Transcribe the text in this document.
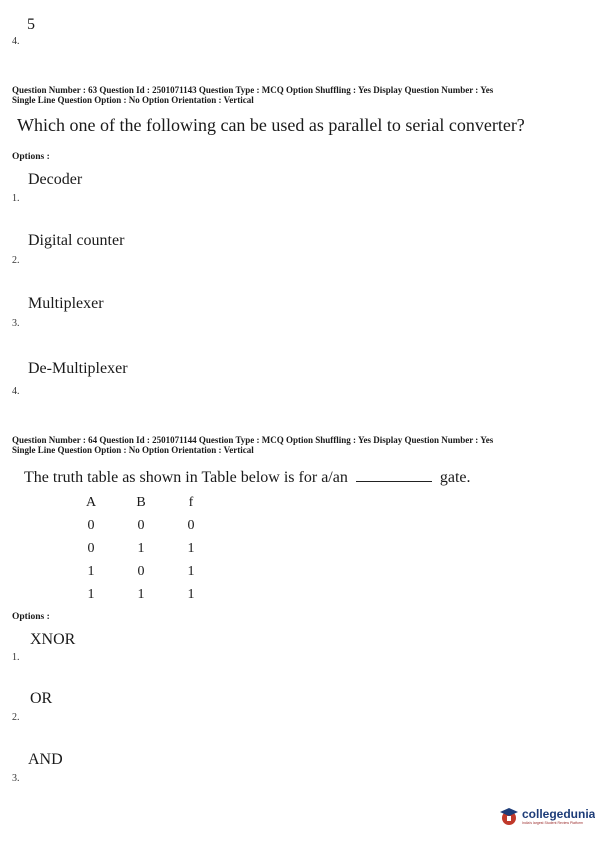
5
4.
Question Number : 63 Question Id : 2501071143 Question Type : MCQ Option Shuffling : Yes Display Question Number : Yes
Single Line Question Option : No Option Orientation : Vertical
Which one of the following can be used as parallel to serial converter?
Options :
Decoder
1.
Digital counter
2.
Multiplexer
3.
De-Multiplexer
4.
Question Number : 64 Question Id : 2501071144 Question Type : MCQ Option Shuffling : Yes Display Question Number : Yes
Single Line Question Option : No Option Orientation : Vertical
The truth table as shown in Table below is for a/an	gate.
A	B	f
0	0	0
0	1	1
1	0	1
1	1	1
Options :
XNOR
1.
OR
2.
AND
3.
collegedunia
India's largest Student Review Platform
